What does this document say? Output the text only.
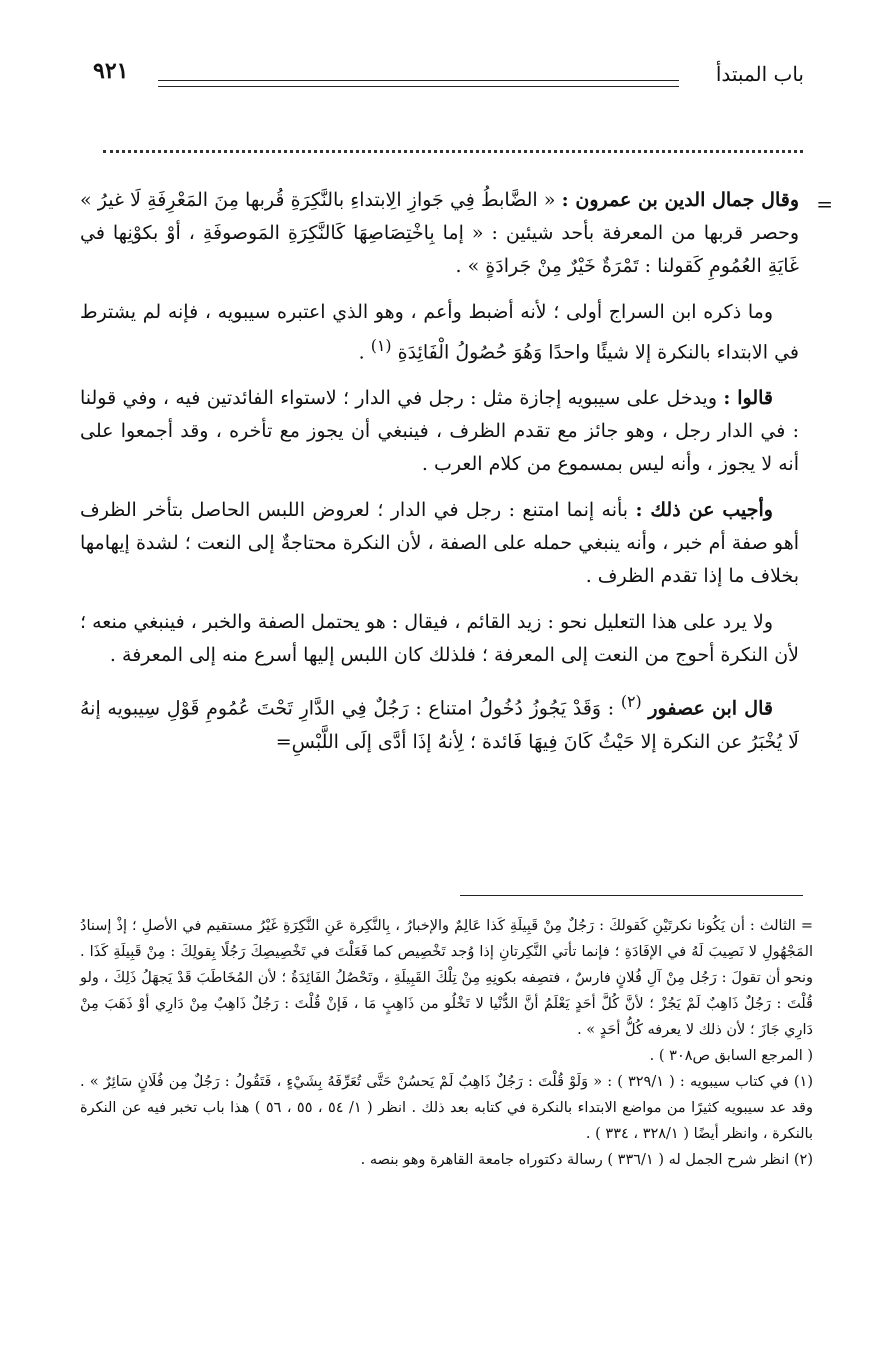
باب المبتدأ
٩٢١
=

وقال جمال الدين بن عمرون : « الضَّابطُ فِي جَوازِ الِابتداءِ بالنَّكِرَةِ قُربها مِنَ المَعْرِفَةِ لَا غيرُ » وحصر قربها من المعرفة بأحد شيئين : « إما بِاخْتِصَاصِهَا كَالنَّكِرَةِ المَوصوفَةِ ، أوْ بكوْنِها في غَايَةِ العُمُومِ كَقولنا : تَمْرَةٌ خَيْرٌ مِنْ جَرادَةٍ » .

وما ذكره ابن السراج أولى ؛ لأنه أضبط وأعم ، وهو الذي اعتبره سيبويه ، فإنه لم يشترط في الابتداء بالنكرة إلا شيئًا واحدًا وَهُوَ حُصُولُ الْفَائِدَةِ $^{(١)}$ .

قالوا : ويدخل على سيبويه إجازة مثل : رجل في الدار ؛ لاستواء الفائدتين فيه ، وفي قولنا : في الدار رجل ، وهو جائز مع تقدم الظرف ، فينبغي أن يجوز مع تأخره ، وقد أجمعوا على أنه لا يجوز ، وأنه ليس بمسموع من كلام العرب .

وأجيب عن ذلك : بأنه إنما امتنع : رجل في الدار ؛ لعروض اللبس الحاصل بتأخر الظرف أهو صفة أم خبر ، وأنه ينبغي حمله على الصفة ، لأن النكرة محتاجةٌ إلى النعت ؛ لشدة إيهامها بخلاف ما إذا تقدم الظرف .

ولا يرد على هذا التعليل نحو : زيد القائم ، فيقال : هو يحتمل الصفة والخبر ، فينبغي منعه ؛ لأن النكرة أحوج من النعت إلى المعرفة ؛ فلذلك كان اللبس إليها أسرع منه إلى المعرفة .

قال ابن عصفور $^{(٢)}$ : وَقَدْ يَجُوزُ دُخُولُ امتناع : رَجُلٌ فِي الدَّارِ تَحْتَ عُمُومِ قَوْلِ سِيبويه إنهُ لَا يُخْبَرُ عن النكرة إلا حَيْثُ كَانَ فِيهَا فَائدة ؛ لِأنهُ إذَا أدَّى إلَى اللَّبْسِ=

= الثالث : أن يَكُونا نكرتَيْنِ كَقولكَ : رَجُلٌ مِنْ قَبِيلَةِ كَذا عَالِمٌ والإخبارُ ، بِالنَّكِرة عَنِ النَّكِرَةِ غَيْرُ مستقيم في الأصلِ ؛ إذْ إسنادُ المَجْهُولِ لا نَصِيبَ لَهُ في الإفَادَةِ ؛ فإنما تأتي النَّكِرتانِ إذا وُجد تَخْصِيص كما فَعَلْتَ في تَخْصِيصِكَ رَجُلًا بِقولِكَ : مِنْ قَبِيلَةِ كَذَا . ونحو أن تقولَ : رَجُل مِنْ آلِ فُلانٍ فارسٌ ، فتصِفه بكونِهِ مِنْ تِلْكَ القَبِيلَةِ ، وتَحْصُلُ الفَائِدَةُ ؛ لأن المُخَاطَبَ قَدْ يَجهَلُ ذَلِكَ ، ولو قُلْتَ : رَجُلٌ ذَاهِبٌ لَمْ يَجُزْ ؛ لأنَّ كُلَّ أحَدٍ يَعْلَمُ أنَّ الدُّنْيا لا تَخْلُو من ذَاهِبٍ مَا ، فَإنْ قُلْتَ : رَجُلٌ ذَاهِبٌ مِنْ دَارِي أوْ ذَهَبَ مِنْ دَارِي جَازَ ؛ لأن ذلك لا يعرفه كُلُّ أحَدٍ » .

( المرجع السابق ص٣٠٨ ) .

(١) في كتاب سيبويه : ( ٣٢٩/١ ) : « وَلَوْ قُلْتَ : رَجُلٌ ذَاهِبٌ لَمْ يَحسُنْ حَتَّى تُعَرِّفَهُ بِشَيْءٍ ، فَتَقُولُ : رَجُلٌ مِن فُلَانٍ سَائِرٌ » . وقد عد سيبويه كثيرًا من مواضع الابتداء بالنكرة في كتابه بعد ذلك . انظر ( ١/ ٥٤ ، ٥٥ ، ٥٦ ) هذا باب تخبر فيه عن النكرة بالنكرة ، وانظر أيضًا ( ٣٢٨/١ ، ٣٣٤ ) .

(٢) انظر شرح الجمل له ( ٣٣٦/١ ) رسالة دكتوراه جامعة القاهرة وهو بنصه .
